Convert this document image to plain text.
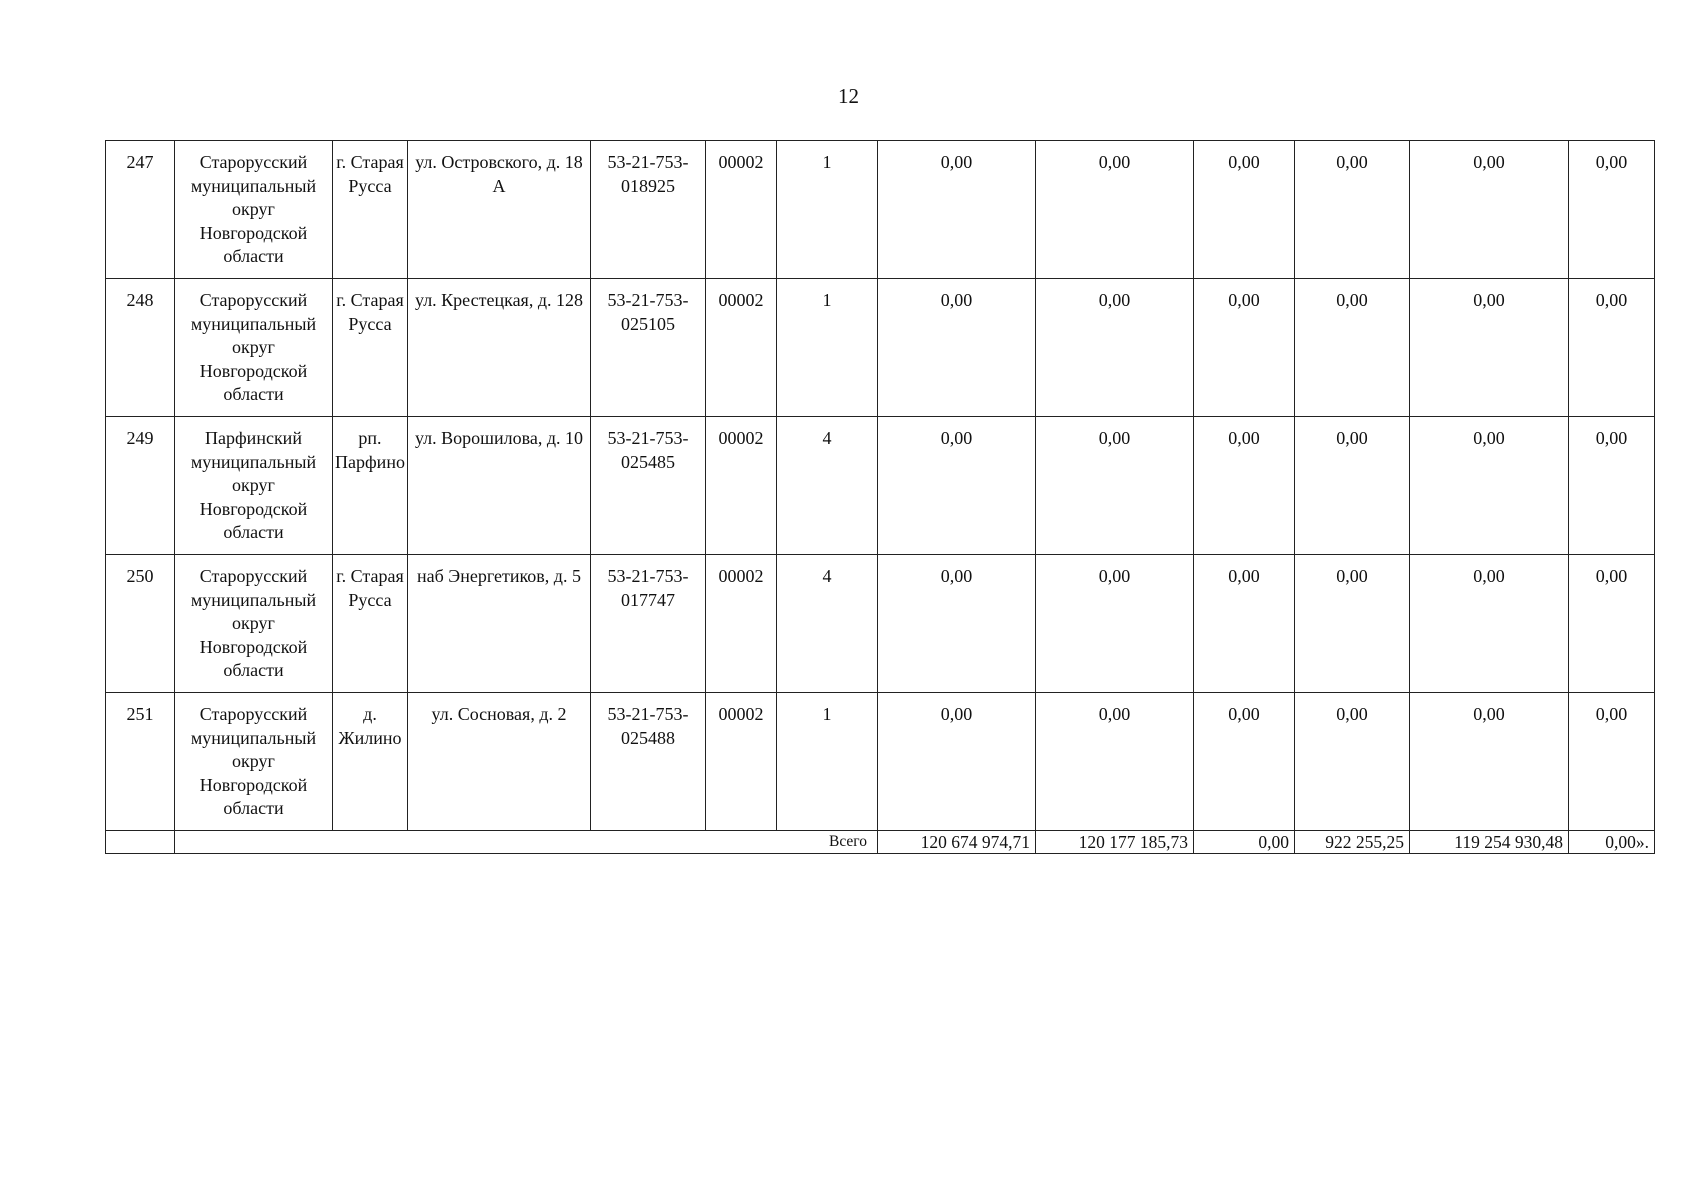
12
247	Старорусский муниципальный округ Новгородской области	г. Старая Русса	ул. Островского, д. 18 А	53-21-753-018925	00002	1	0,00	0,00	0,00	0,00	0,00	0,00
248	Старорусский муниципальный округ Новгородской области	г. Старая Русса	ул. Крестецкая, д. 128	53-21-753-025105	00002	1	0,00	0,00	0,00	0,00	0,00	0,00
249	Парфинский муниципальный округ Новгородской области	рп. Парфино	ул. Ворошилова, д. 10	53-21-753-025485	00002	4	0,00	0,00	0,00	0,00	0,00	0,00
250	Старорусский муниципальный округ Новгородской области	г. Старая Русса	наб Энергетиков, д. 5	53-21-753-017747	00002	4	0,00	0,00	0,00	0,00	0,00	0,00
251	Старорусский муниципальный округ Новгородской области	д. Жилино	ул. Сосновая, д. 2	53-21-753-025488	00002	1	0,00	0,00	0,00	0,00	0,00	0,00
	Всего						120 674 974,71	120 177 185,73	0,00	922 255,25	119 254 930,48	0,00».
